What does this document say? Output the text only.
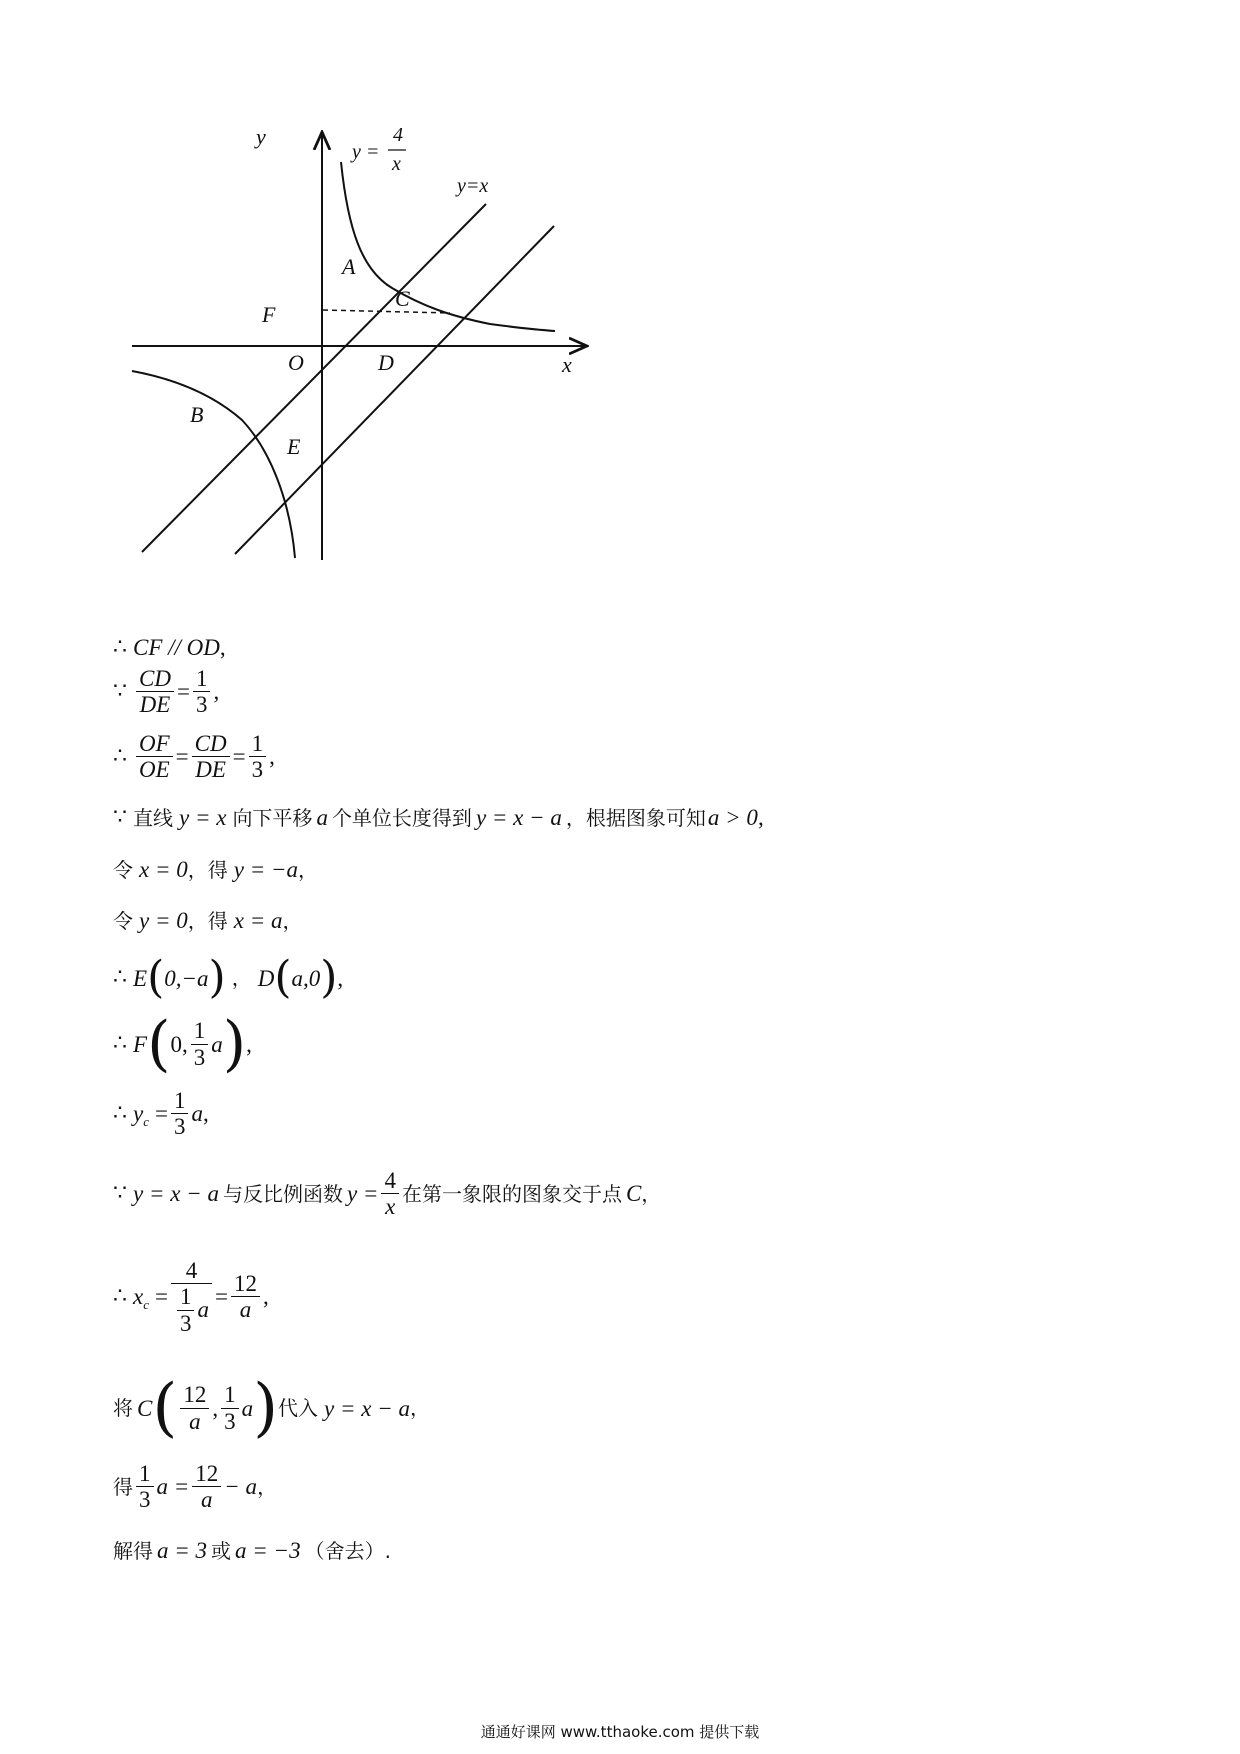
y
x
y =
4
x
y=x
A
B
C
D
E
F
O
∴ CF // OD ,
∵ $\frac{CD}{DE} = \frac{1}{3}$ ,
∴ $\frac{OF}{OE} = \frac{CD}{DE} = \frac{1}{3}$ ,
∵ 直线 y = x 向下平移 a 个单位长度得到 y = x − a ，根据图象可知 a > 0 ,
令 x = 0 ，得 y = −a ，
令 y = 0 ，得 x = a ，
∴ E ( 0,−a ) ， D ( a,0 ) ,
∴ F ( 0, $\frac{1}{3}$ a ) ,
∴ y $c = \frac{1}{3}$ a ,
∵ y = x − a 与反比例函数 $y = \frac{4}{x}$ 在第一象限的图象交于点 C ，
∴ x $c = \frac{4}{\frac{1}{3} a} = \frac{12}{a}$ ,
将 C ( $\frac{12}{a}$ , $\frac{1}{3}$ a ) 代入 y = x − a ，
得 $\frac{1}{3}$ $a = \frac{12}{a} - a$ ，
解得 a = 3 或 a = −3 （舍去）.
通通好课网 www.tthaoke.com 提供下载
